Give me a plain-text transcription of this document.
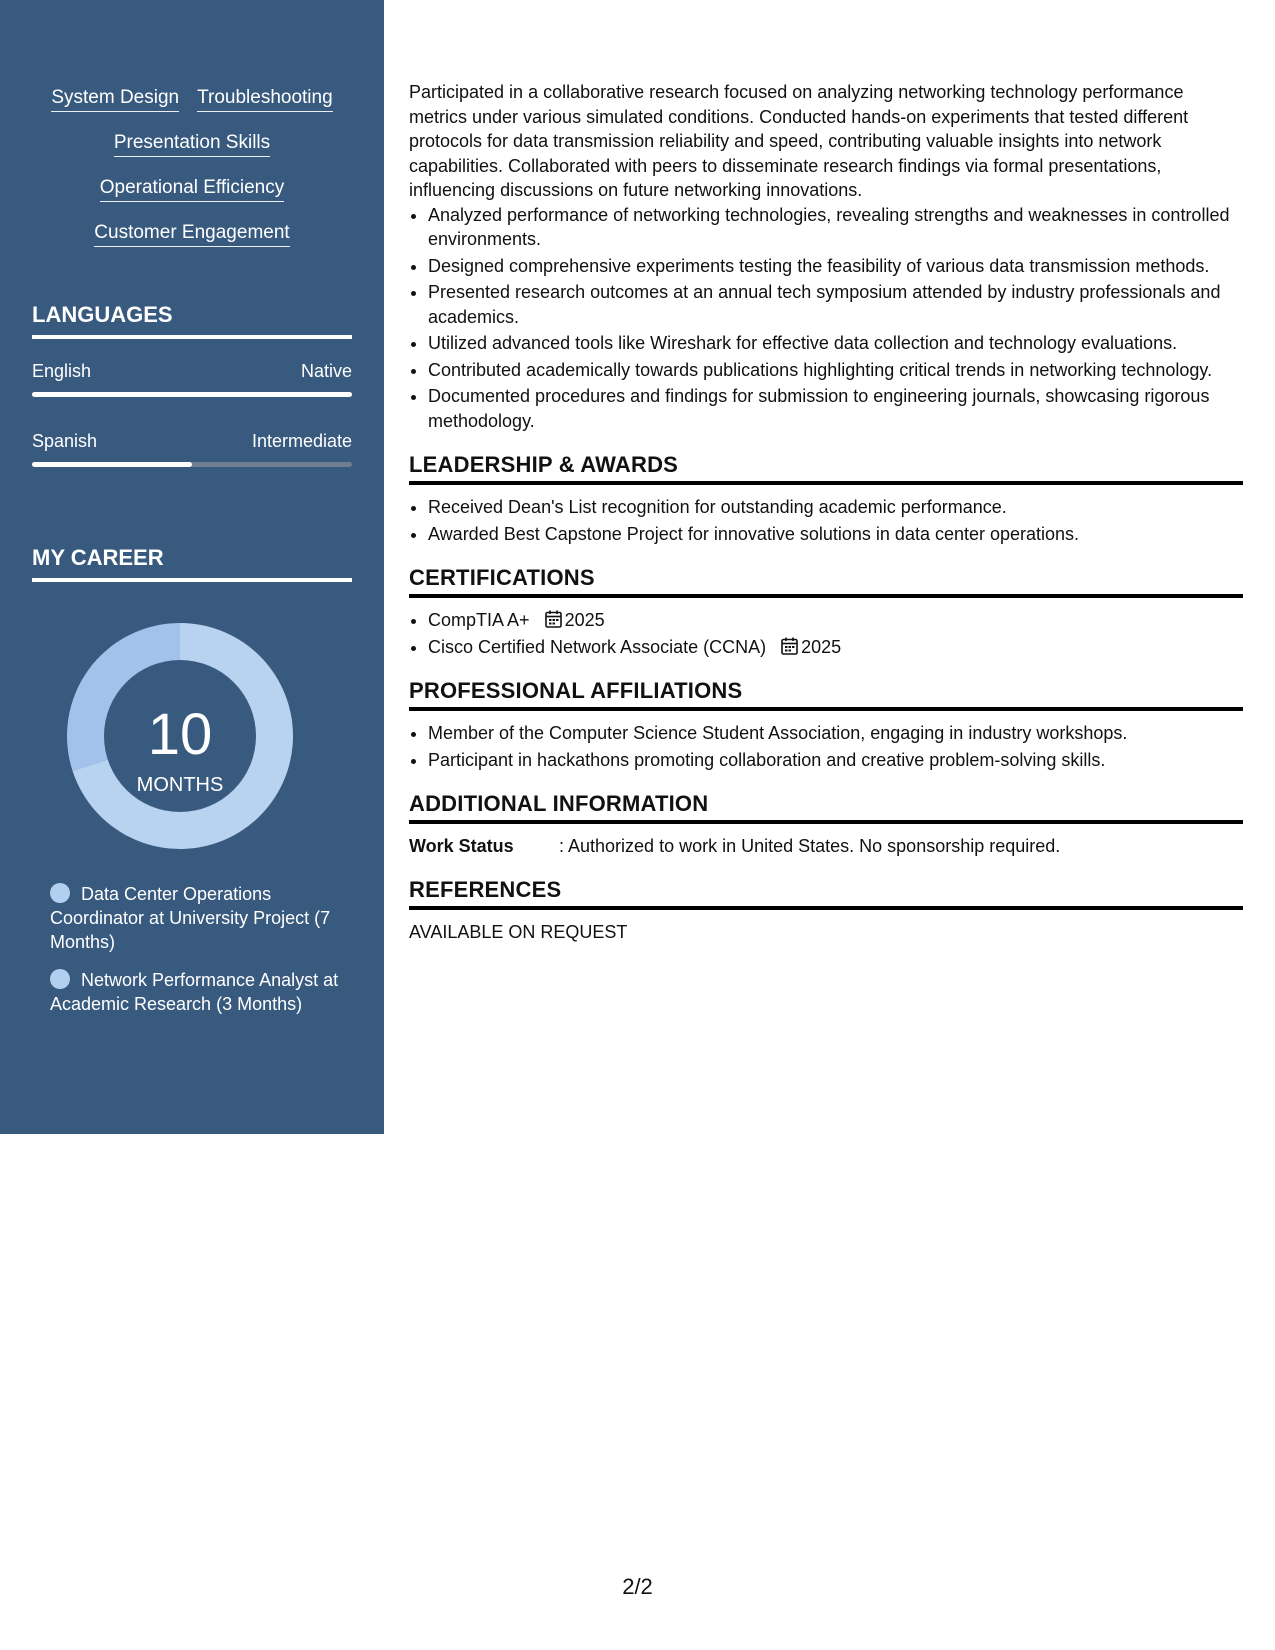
System Design Troubleshooting
Presentation Skills
Operational Efficiency
Customer Engagement
LANGUAGES
English	Native
Spanish	Intermediate
MY CAREER
10
MONTHS
Data Center Operations Coordinator at University Project (7 Months)
Network Performance Analyst at Academic Research (3 Months)

Participated in a collaborative research focused on analyzing networking technology performance metrics under various simulated conditions. Conducted hands-on experiments that tested different protocols for data transmission reliability and speed, contributing valuable insights into network capabilities. Collaborated with peers to disseminate research findings via formal presentations, influencing discussions on future networking innovations.

• Analyzed performance of networking technologies, revealing strengths and weaknesses in controlled environments.
• Designed comprehensive experiments testing the feasibility of various data transmission methods.
• Presented research outcomes at an annual tech symposium attended by industry professionals and academics.
• Utilized advanced tools like Wireshark for effective data collection and technology evaluations.
• Contributed academically towards publications highlighting critical trends in networking technology.
• Documented procedures and findings for submission to engineering journals, showcasing rigorous methodology.
LEADERSHIP & AWARDS
• Received Dean's List recognition for outstanding academic performance.
• Awarded Best Capstone Project for innovative solutions in data center operations.
CERTIFICATIONS
• CompTIA A+ 2025
• Cisco Certified Network Associate (CCNA) 2025
PROFESSIONAL AFFILIATIONS
• Member of the Computer Science Student Association, engaging in industry workshops.
• Participant in hackathons promoting collaboration and creative problem-solving skills.
ADDITIONAL INFORMATION
Work Status	: Authorized to work in United States. No sponsorship required.
REFERENCES
AVAILABLE ON REQUEST
2/2
